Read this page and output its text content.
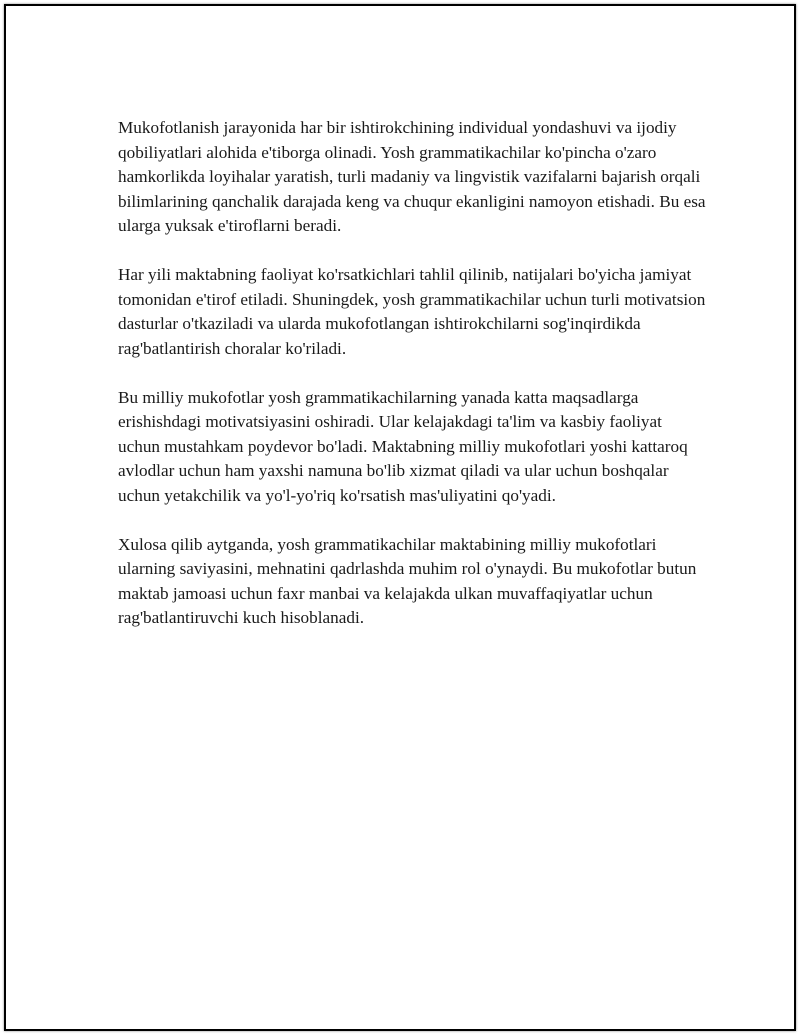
Mukofotlanish jarayonida har bir ishtirokchining individual yondashuvi va ijodiy qobiliyatlari alohida e'tiborga olinadi. Yosh grammatikachilar ko'pincha o'zaro hamkorlikda loyihalar yaratish, turli madaniy va lingvistik vazifalarni bajarish orqali bilimlarining qanchalik darajada keng va chuqur ekanligini namoyon etishadi. Bu esa ularga yuksak e'tiroflarni beradi.

Har yili maktabning faoliyat ko'rsatkichlari tahlil qilinib, natijalari bo'yicha jamiyat tomonidan e'tirof etiladi. Shuningdek, yosh grammatikachilar uchun turli motivatsion dasturlar o'tkaziladi va ularda mukofotlangan ishtirokchilarni sog'inqirdikda rag'batlantirish choralar ko'riladi.

Bu milliy mukofotlar yosh grammatikachilarning yanada katta maqsadlarga erishishdagi motivatsiyasini oshiradi. Ular kelajakdagi ta'lim va kasbiy faoliyat uchun mustahkam poydevor bo'ladi. Maktabning milliy mukofotlari yoshi kattaroq avlodlar uchun ham yaxshi namuna bo'lib xizmat qiladi va ular uchun boshqalar uchun yetakchilik va yo'l-yo'riq ko'rsatish mas'uliyatini qo'yadi.

Xulosa qilib aytganda, yosh grammatikachilar maktabining milliy mukofotlari ularning saviyasini, mehnatini qadrlashda muhim rol o'ynaydi. Bu mukofotlar butun maktab jamoasi uchun faxr manbai va kelajakda ulkan muvaffaqiyatlar uchun rag'batlantiruvchi kuch hisoblanadi.
